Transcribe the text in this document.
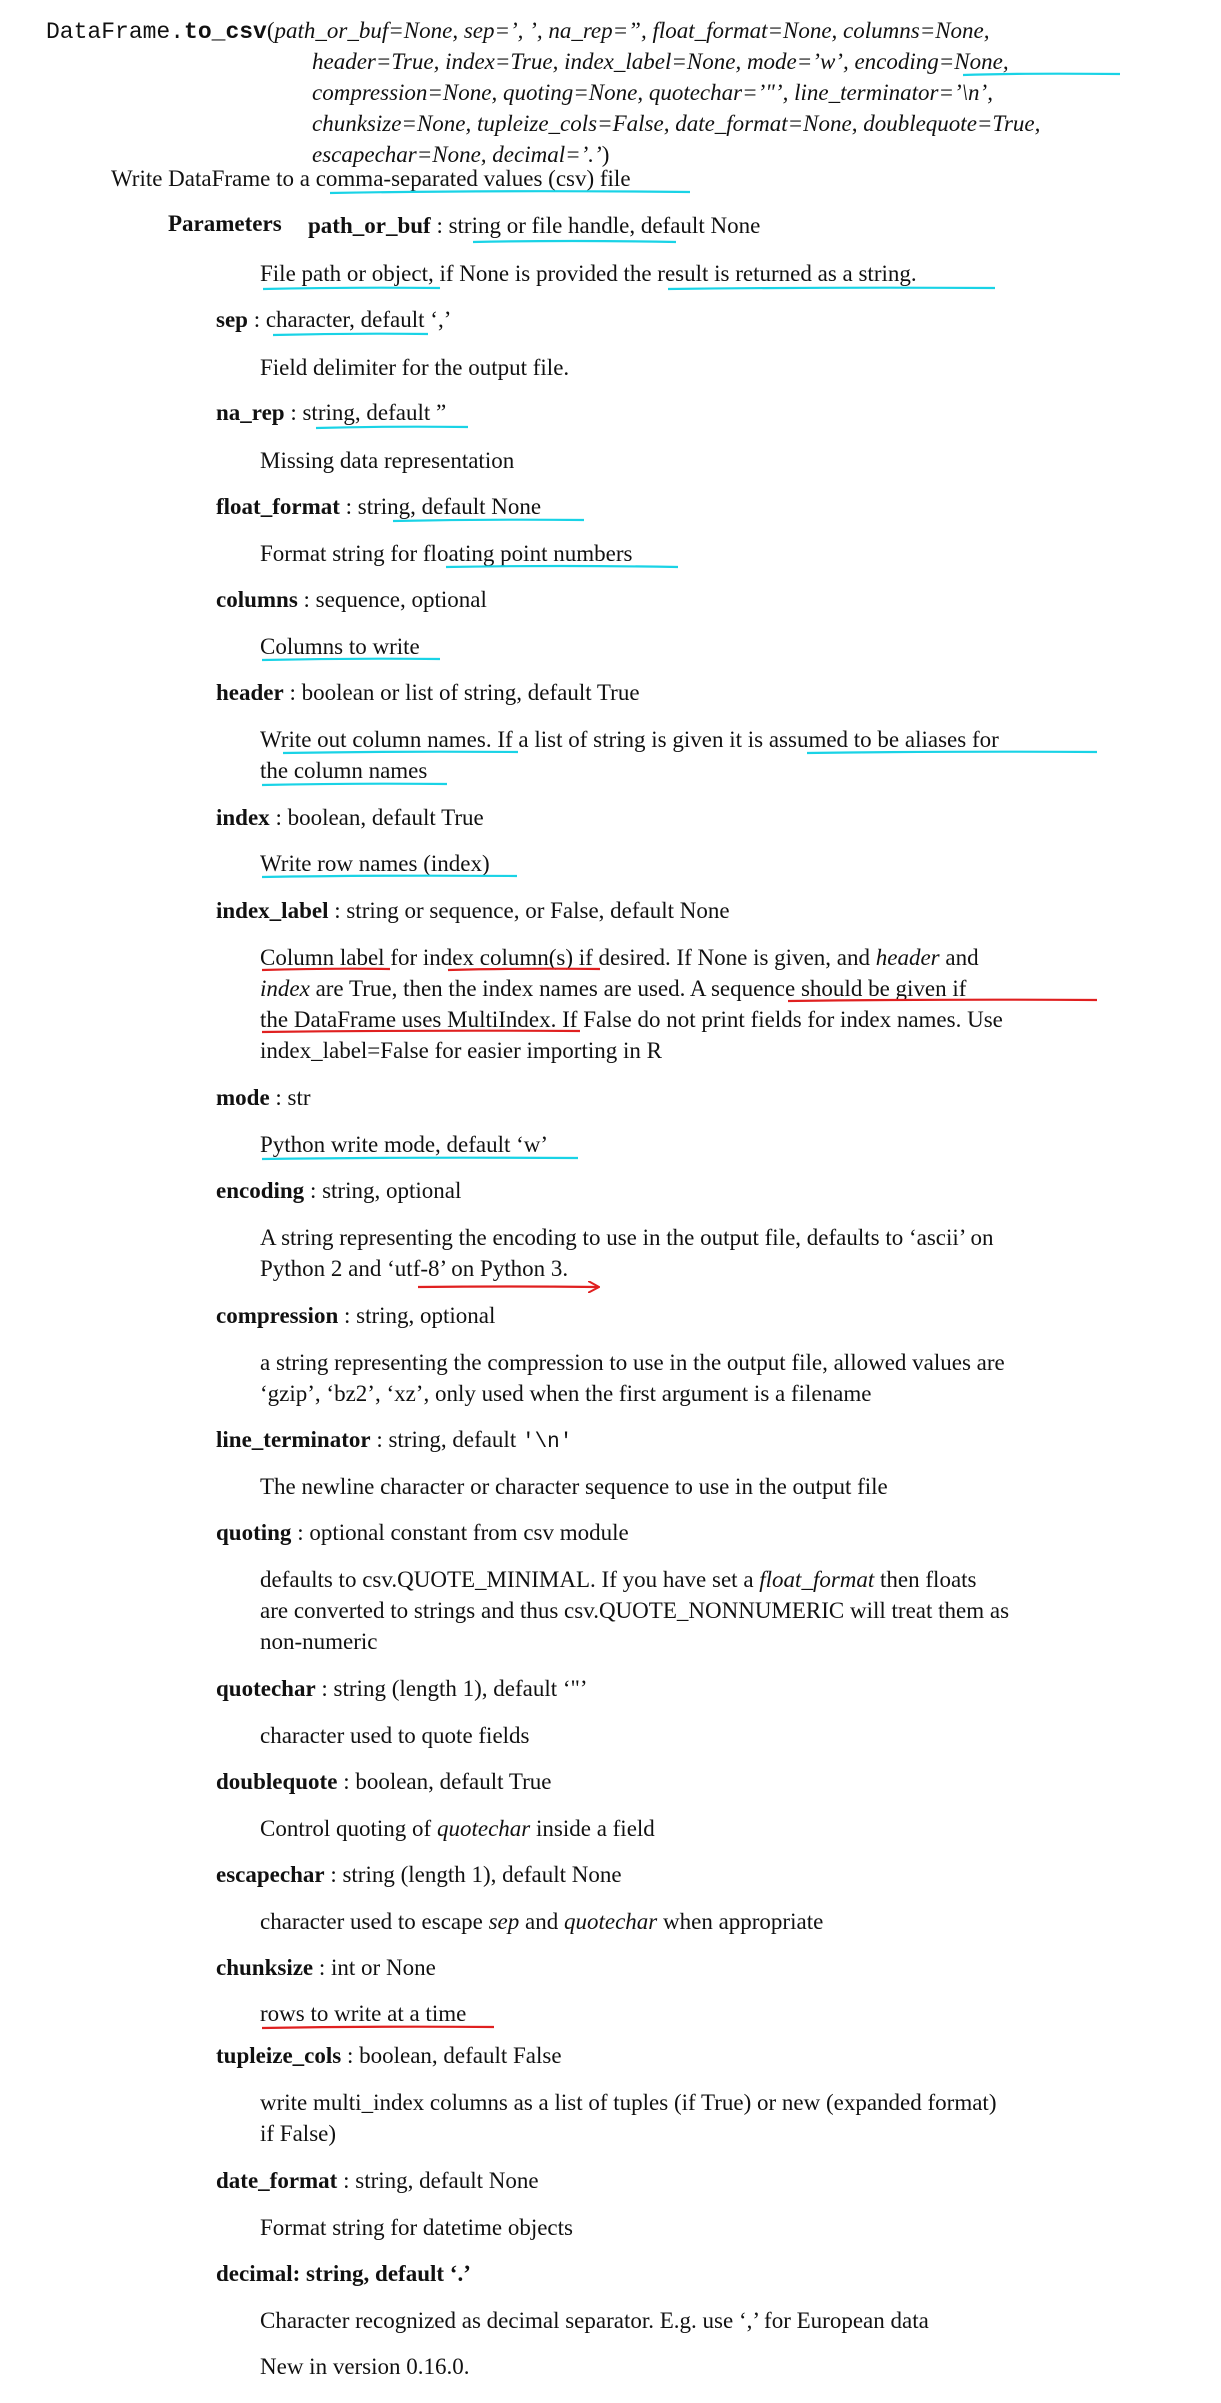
DataFrame.to_csv(path_or_buf=None, sep=’, ’, na_rep=”, float_format=None, columns=None,
header=True, index=True, index_label=None, mode=’w’, encoding=None,
compression=None, quoting=None, quotechar=’"’, line_terminator=’\n’,
chunksize=None, tupleize_cols=False, date_format=None, doublequote=True,
escapechar=None, decimal=’.’)
Write DataFrame to a comma-separated values (csv) file
Parameters path_or_buf : string or file handle, default None
File path or object, if None is provided the result is returned as a string.
sep : character, default ‘,’
Field delimiter for the output file.
na_rep : string, default ”
Missing data representation
float_format : string, default None
Format string for floating point numbers
columns : sequence, optional
Columns to write
header : boolean or list of string, default True
Write out column names. If a list of string is given it is assumed to be aliases for
the column names
index : boolean, default True
Write row names (index)
index_label : string or sequence, or False, default None
Column label for index column(s) if desired. If None is given, and header and
index are True, then the index names are used. A sequence should be given if
the DataFrame uses MultiIndex. If False do not print fields for index names. Use
index_label=False for easier importing in R
mode : str
Python write mode, default ‘w’
encoding : string, optional
A string representing the encoding to use in the output file, defaults to ‘ascii’ on
Python 2 and ‘utf-8’ on Python 3.
compression : string, optional
a string representing the compression to use in the output file, allowed values are
‘gzip’, ‘bz2’, ‘xz’, only used when the first argument is a filename
line_terminator : string, default '\n'
The newline character or character sequence to use in the output file
quoting : optional constant from csv module
defaults to csv.QUOTE_MINIMAL. If you have set a float_format then floats
are converted to strings and thus csv.QUOTE_NONNUMERIC will treat them as
non-numeric
quotechar : string (length 1), default ‘"’
character used to quote fields
doublequote : boolean, default True
Control quoting of quotechar inside a field
escapechar : string (length 1), default None
character used to escape sep and quotechar when appropriate
chunksize : int or None
rows to write at a time
tupleize_cols : boolean, default False
write multi_index columns as a list of tuples (if True) or new (expanded format)
if False)
date_format : string, default None
Format string for datetime objects
decimal: string, default ‘.’
Character recognized as decimal separator. E.g. use ‘,’ for European data
New in version 0.16.0.
